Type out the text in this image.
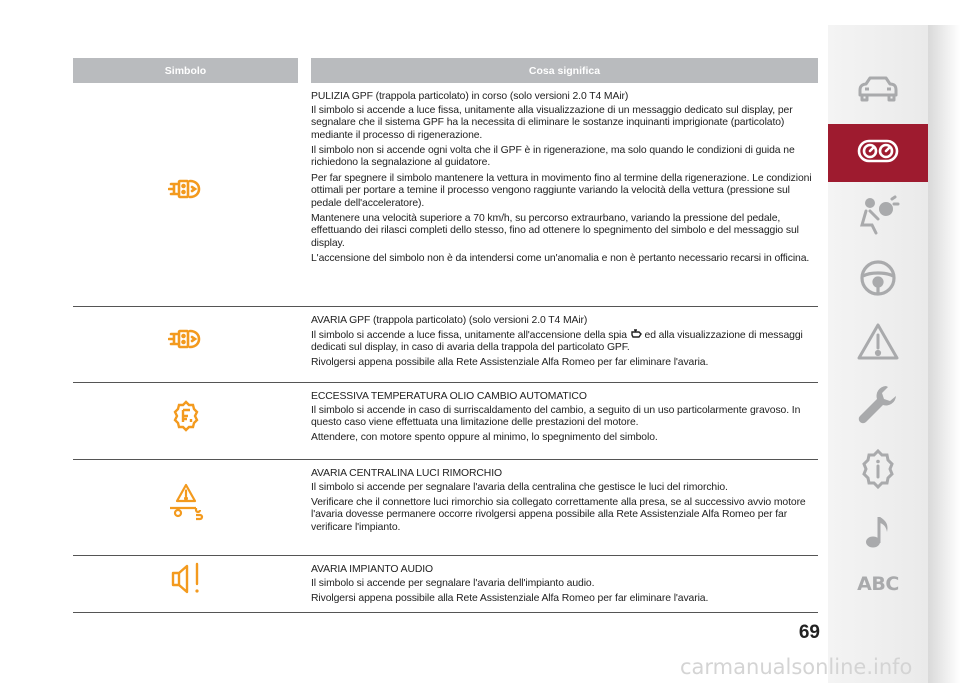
Simbolo	Cosa significa

PULIZIA GPF (trappola particolato) in corso (solo versioni 2.0 T4 MAir)

Il simbolo si accende a luce fissa, unitamente alla visualizzazione di un messaggio dedicato sul display, per segnalare che il sistema GPF ha la necessita di eliminare le sostanze inquinanti imprigionate (particolato) mediante il processo di rigenerazione.

Il simbolo non si accende ogni volta che il GPF è in rigenerazione, ma solo quando le condizioni di guida ne richiedono la segnalazione al guidatore.

Per far spegnere il simbolo mantenere la vettura in movimento fino al termine della rigenerazione. Le condizioni ottimali per portare a temine il processo vengono raggiunte variando la velocità della vettura (pressione sul pedale dell'acceleratore).

Mantenere una velocità superiore a 70 km/h, su percorso extraurbano, variando la pressione del pedale, effettuando dei rilasci completi dello stesso, fino ad ottenere lo spegnimento del simbolo e del messaggio sul display.

L'accensione del simbolo non è da intendersi come un'anomalia e non è pertanto necessario recarsi in officina.

AVARIA GPF (trappola particolato) (solo versioni 2.0 T4 MAir)

Il simbolo si accende a luce fissa, unitamente all'accensione della spia ed alla visualizzazione di messaggi dedicati sul display, in caso di avaria della trappola del particolato GPF.

Rivolgersi appena possibile alla Rete Assistenziale Alfa Romeo per far eliminare l'avaria.

ECCESSIVA TEMPERATURA OLIO CAMBIO AUTOMATICO

Il simbolo si accende in caso di surriscaldamento del cambio, a seguito di un uso particolarmente gravoso. In questo caso viene effettuata una limitazione delle prestazioni del motore.

Attendere, con motore spento oppure al minimo, lo spegnimento del simbolo.

AVARIA CENTRALINA LUCI RIMORCHIO

Il simbolo si accende per segnalare l'avaria della centralina che gestisce le luci del rimorchio.

Verificare che il connettore luci rimorchio sia collegato correttamente alla presa, se al successivo avvio motore l'avaria dovesse permanere occorre rivolgersi appena possibile alla Rete Assistenziale Alfa Romeo per far verificare l'impianto.

AVARIA IMPIANTO AUDIO

Il simbolo si accende per segnalare l'avaria dell'impianto audio.

Rivolgersi appena possibile alla Rete Assistenziale Alfa Romeo per far eliminare l'avaria.

69
ABC
carmanualsonline.info
